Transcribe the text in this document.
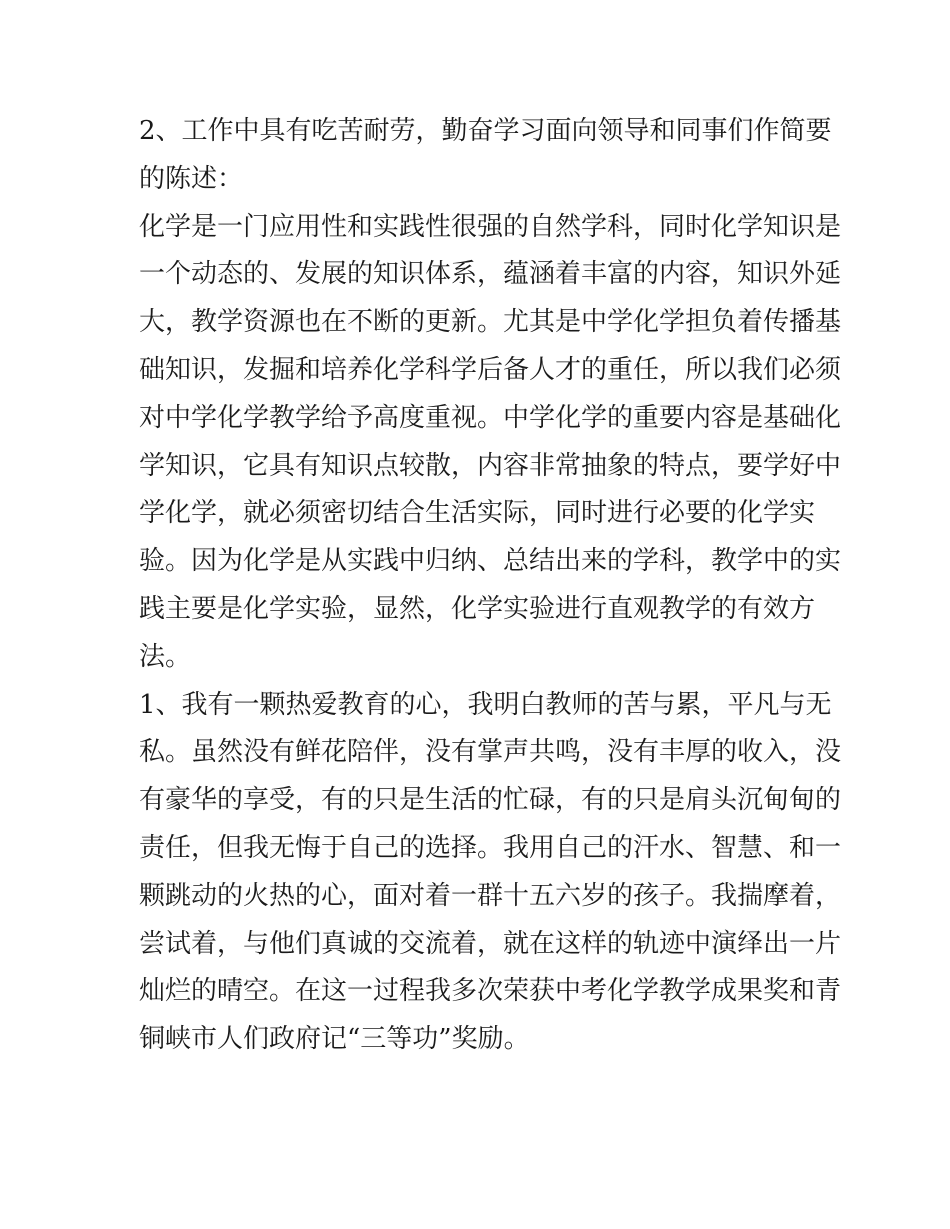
2、工作中具有吃苦耐劳，勤奋学习面向领导和同事们作简要
的陈述：
化学是一门应用性和实践性很强的自然学科，同时化学知识是
一个动态的、发展的知识体系，蕴涵着丰富的内容，知识外延
大，教学资源也在不断的更新。尤其是中学化学担负着传播基
础知识，发掘和培养化学科学后备人才的重任，所以我们必须
对中学化学教学给予高度重视。中学化学的重要内容是基础化
学知识，它具有知识点较散，内容非常抽象的特点，要学好中
学化学，就必须密切结合生活实际，同时进行必要的化学实
验。因为化学是从实践中归纳、总结出来的学科，教学中的实
践主要是化学实验，显然，化学实验进行直观教学的有效方
法。
1、我有一颗热爱教育的心，我明白教师的苦与累，平凡与无
私。虽然没有鲜花陪伴，没有掌声共鸣，没有丰厚的收入，没
有豪华的享受，有的只是生活的忙碌，有的只是肩头沉甸甸的
责任，但我无悔于自己的选择。我用自己的汗水、智慧、和一
颗跳动的火热的心，面对着一群十五六岁的孩子。我揣摩着，
尝试着，与他们真诚的交流着，就在这样的轨迹中演绎出一片
灿烂的晴空。在这一过程我多次荣获中考化学教学成果奖和青
铜峡市人们政府记“三等功”奖励。
